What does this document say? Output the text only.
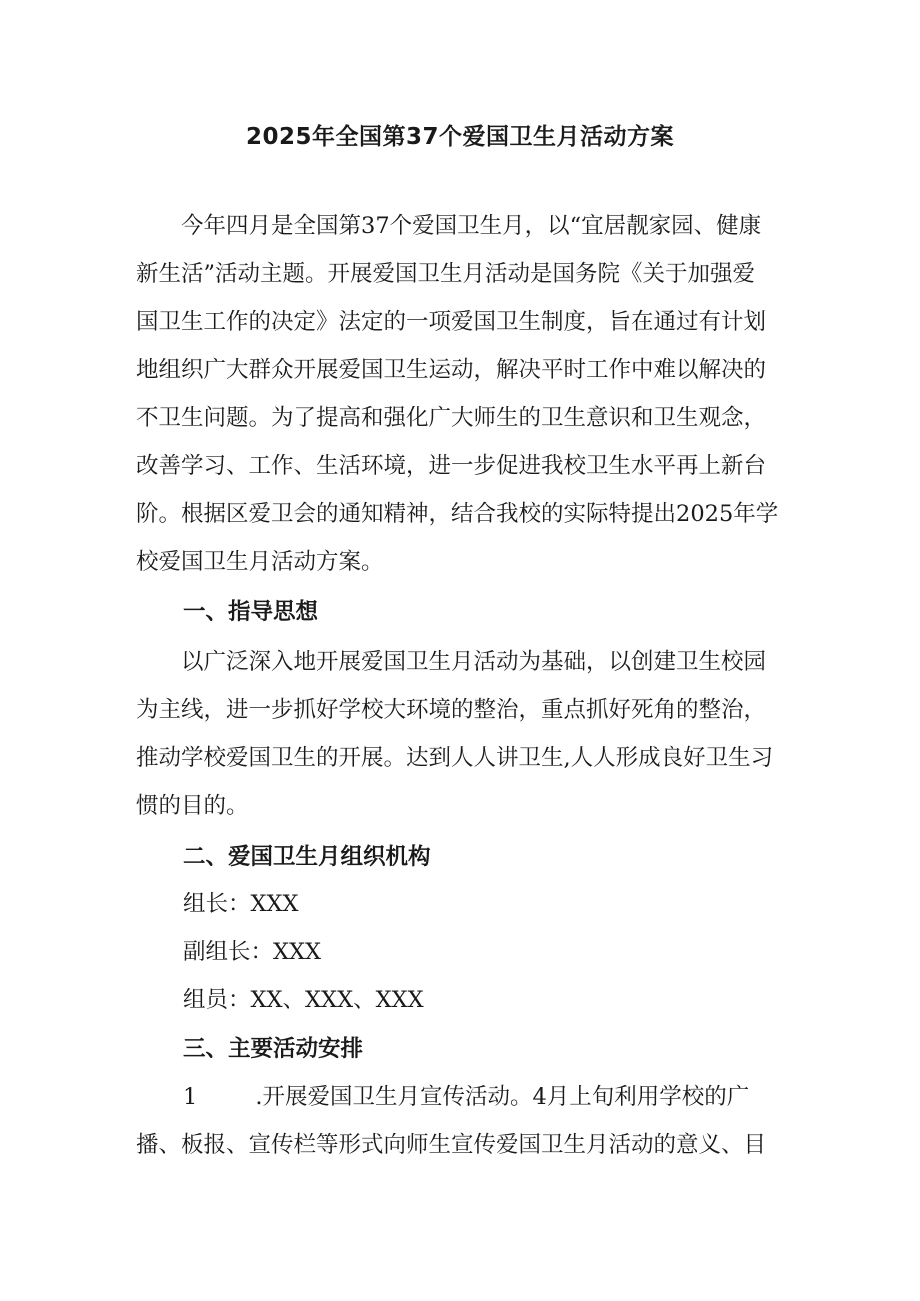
2025年全国第37个爱国卫生月活动方案
今年四月是全国第37个爱国卫生月，以“宜居靓家园、健康
新生活”活动主题。开展爱国卫生月活动是国务院《关于加强爱
国卫生工作的决定》法定的一项爱国卫生制度，旨在通过有计划
地组织广大群众开展爱国卫生运动，解决平时工作中难以解决的
不卫生问题。为了提高和强化广大师生的卫生意识和卫生观念，
改善学习、工作、生活环境，进一步促进我校卫生水平再上新台
阶。根据区爱卫会的通知精神，结合我校的实际特提出2025年学
校爱国卫生月活动方案。
一、指导思想
以广泛深入地开展爱国卫生月活动为基础，以创建卫生校园
为主线，进一步抓好学校大环境的整治，重点抓好死角的整治，
推动学校爱国卫生的开展。达到人人讲卫生,人人形成良好卫生习
惯的目的。
二、爱国卫生月组织机构
组长：XXX
副组长：XXX
组员：XX、XXX、XXX
三、主要活动安排
1	.开展爱国卫生月宣传活动。4月上旬利用学校的广
播、板报、宣传栏等形式向师生宣传爱国卫生月活动的意义、目
